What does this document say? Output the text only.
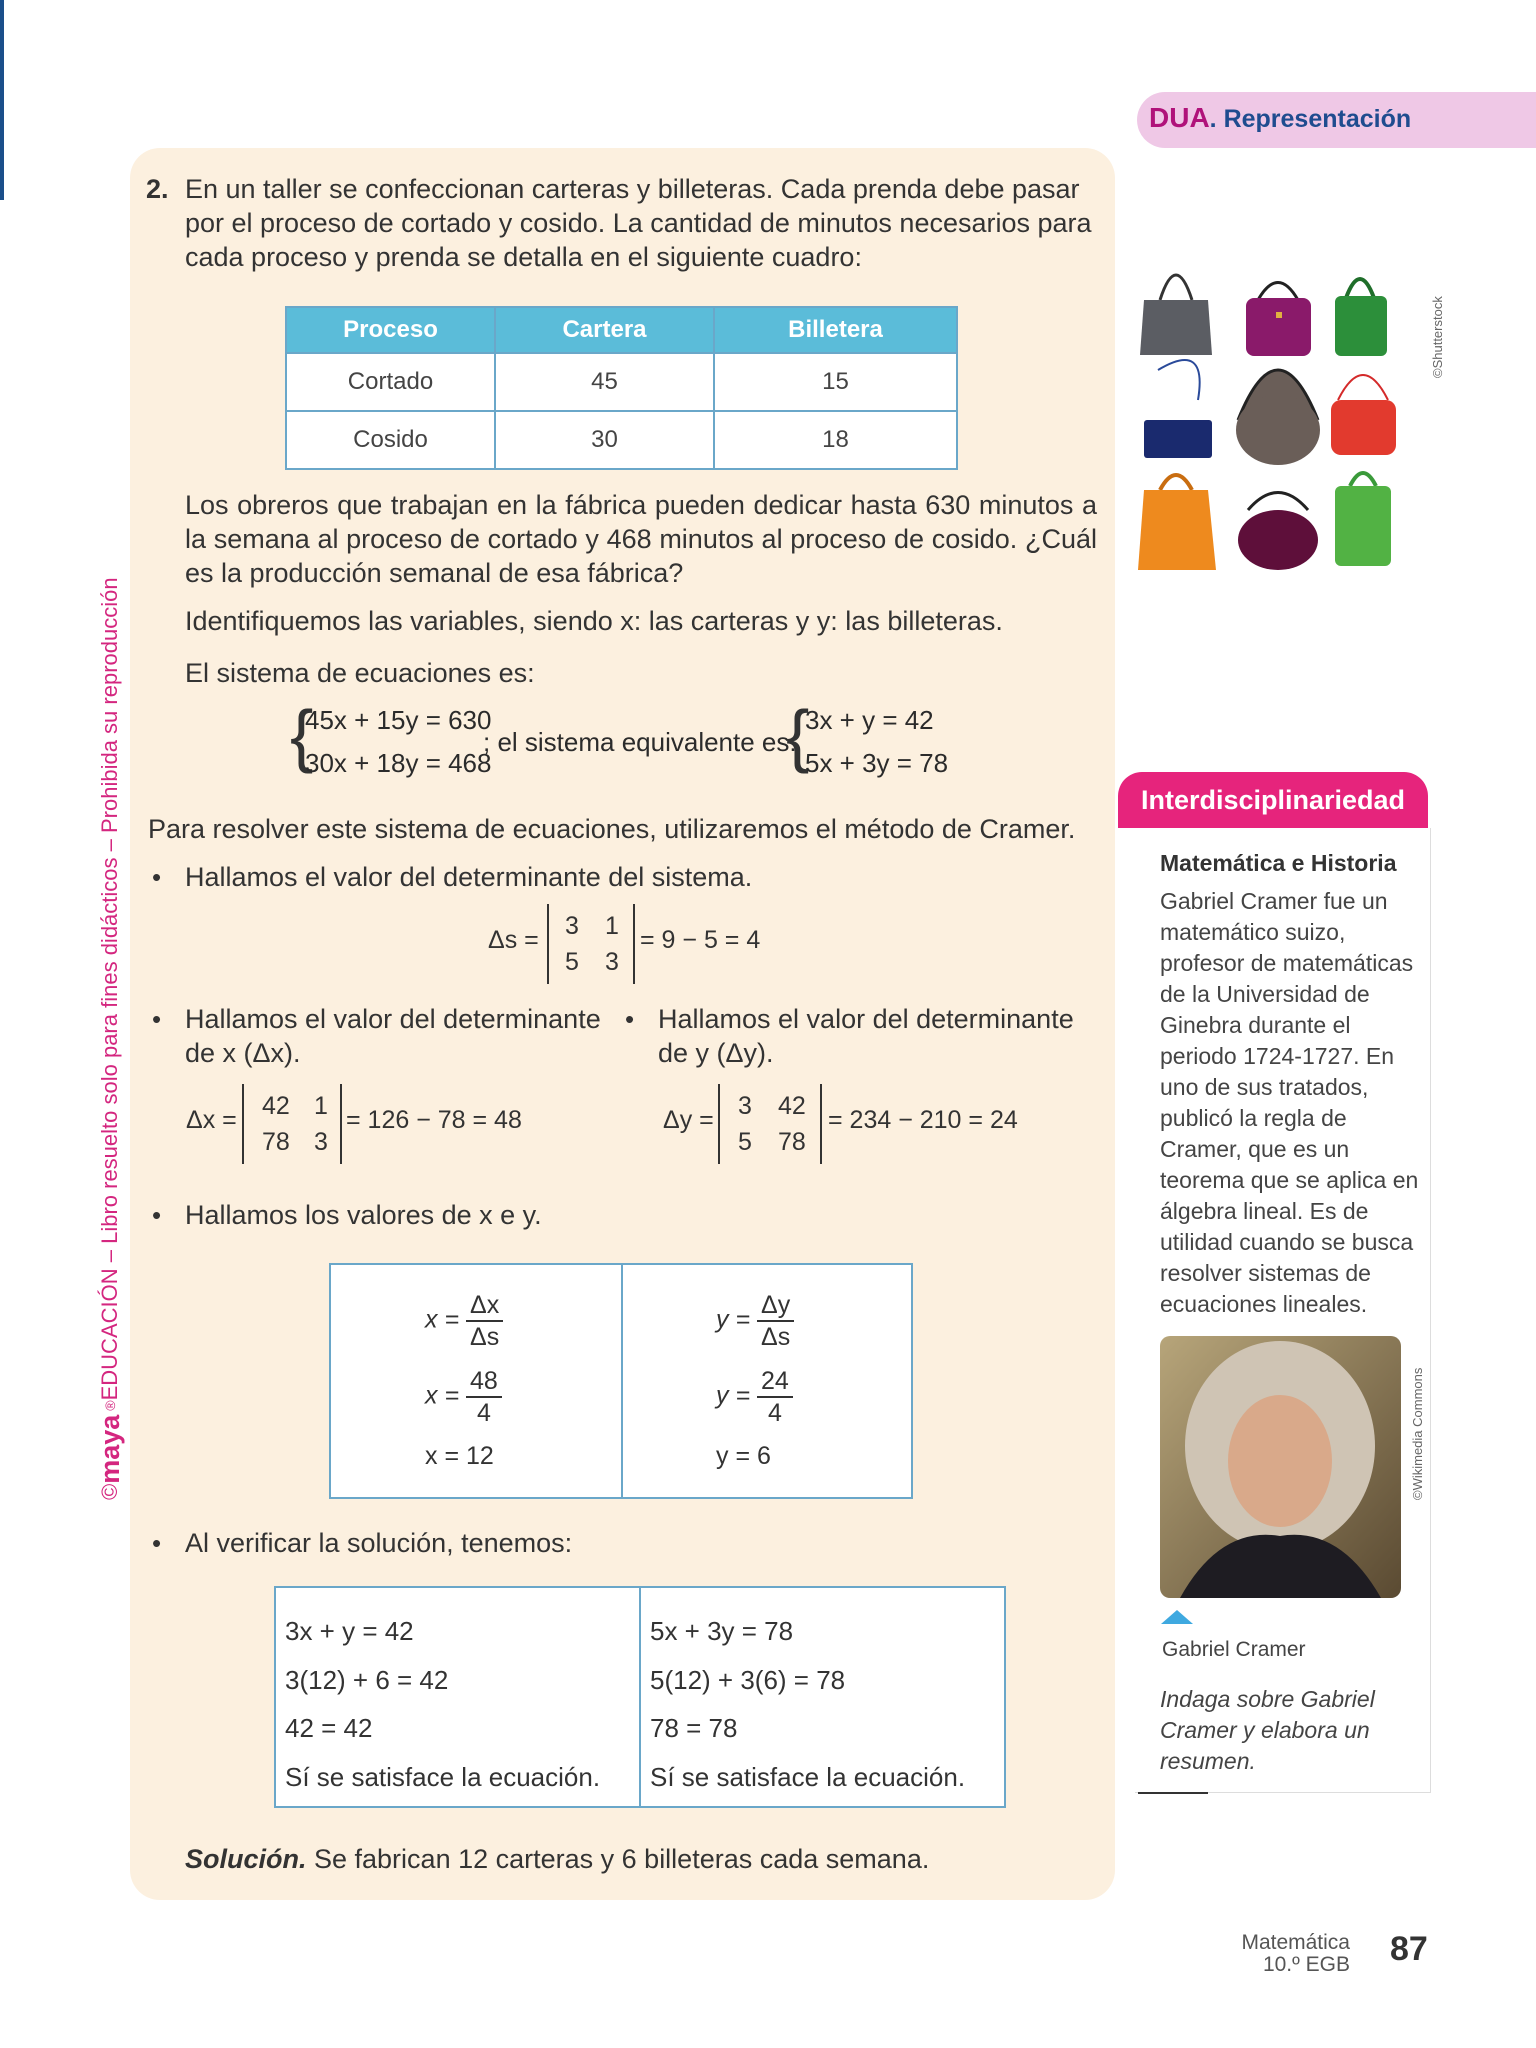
©
maya
®
EDUCACIÓN – Libro resuelto solo para fines didácticos – Prohibida su reproducción
DUA. Representación
2. En un taller se confeccionan carteras y billeteras. Cada prenda debe pasar por el proceso de cortado y cosido. La cantidad de minutos necesarios para cada proceso y prenda se detalla en el siguiente cuadro:
Proceso	Cartera	Billetera
Cortado	45	15
Cosido	30	18
Los obreros que trabajan en la fábrica pueden dedicar hasta 630 minutos a la semana al proceso de cortado y 468 minutos al proceso de cosido. ¿Cuál es la producción semanal de esa fábrica?
Identifiquemos las variables, siendo x: las carteras y y: las billeteras.
El sistema de ecuaciones es:
{
45x + 15y = 630
30x + 18y = 468
; el sistema equivalente es:
{
3x + y = 42
5x + 3y = 78
Para resolver este sistema de ecuaciones, utilizaremos el método de Cramer.
• Hallamos el valor del determinante del sistema.
Δs = 3 1
5 3
= 9 − 5 = 4
• Hallamos el valor del determinante de x (Δx).
• Hallamos el valor del determinante de y (Δy).
Δx = 42 1
78 3
= 126 − 78 = 48	Δy = 3 42
5 78
= 234 − 210 = 24
• Hallamos los valores de x e y.
$x = \frac{\Delta x}{\Delta s}$
$x = \frac{48}{4}$
x = 12
$y = \frac{\Delta y}{\Delta s}$
$y = \frac{24}{4}$
y = 6
• Al verificar la solución, tenemos:
3x + y = 42
3(12) + 6 = 42
42 = 42
Sí se satisface la ecuación.
5x + 3y = 78
5(12) + 3(6) = 78
78 = 78
Sí se satisface la ecuación.
Solución. Se fabrican 12 carteras y 6 billeteras cada semana.
©Shutterstock
Interdisciplinariedad
Matemática e Historia
Gabriel Cramer fue un matemático suizo, profesor de matemáticas de la Universidad de Ginebra durante el periodo 1724-1727. En uno de sus tratados, publicó la regla de Cramer, que es un teorema que se aplica en álgebra lineal. Es de utilidad cuando se busca resolver sistemas de ecuaciones lineales.
©Wikimedia Commons
Gabriel Cramer
Indaga sobre Gabriel Cramer y elabora un resumen.
Matemática
10.º EGB 87
